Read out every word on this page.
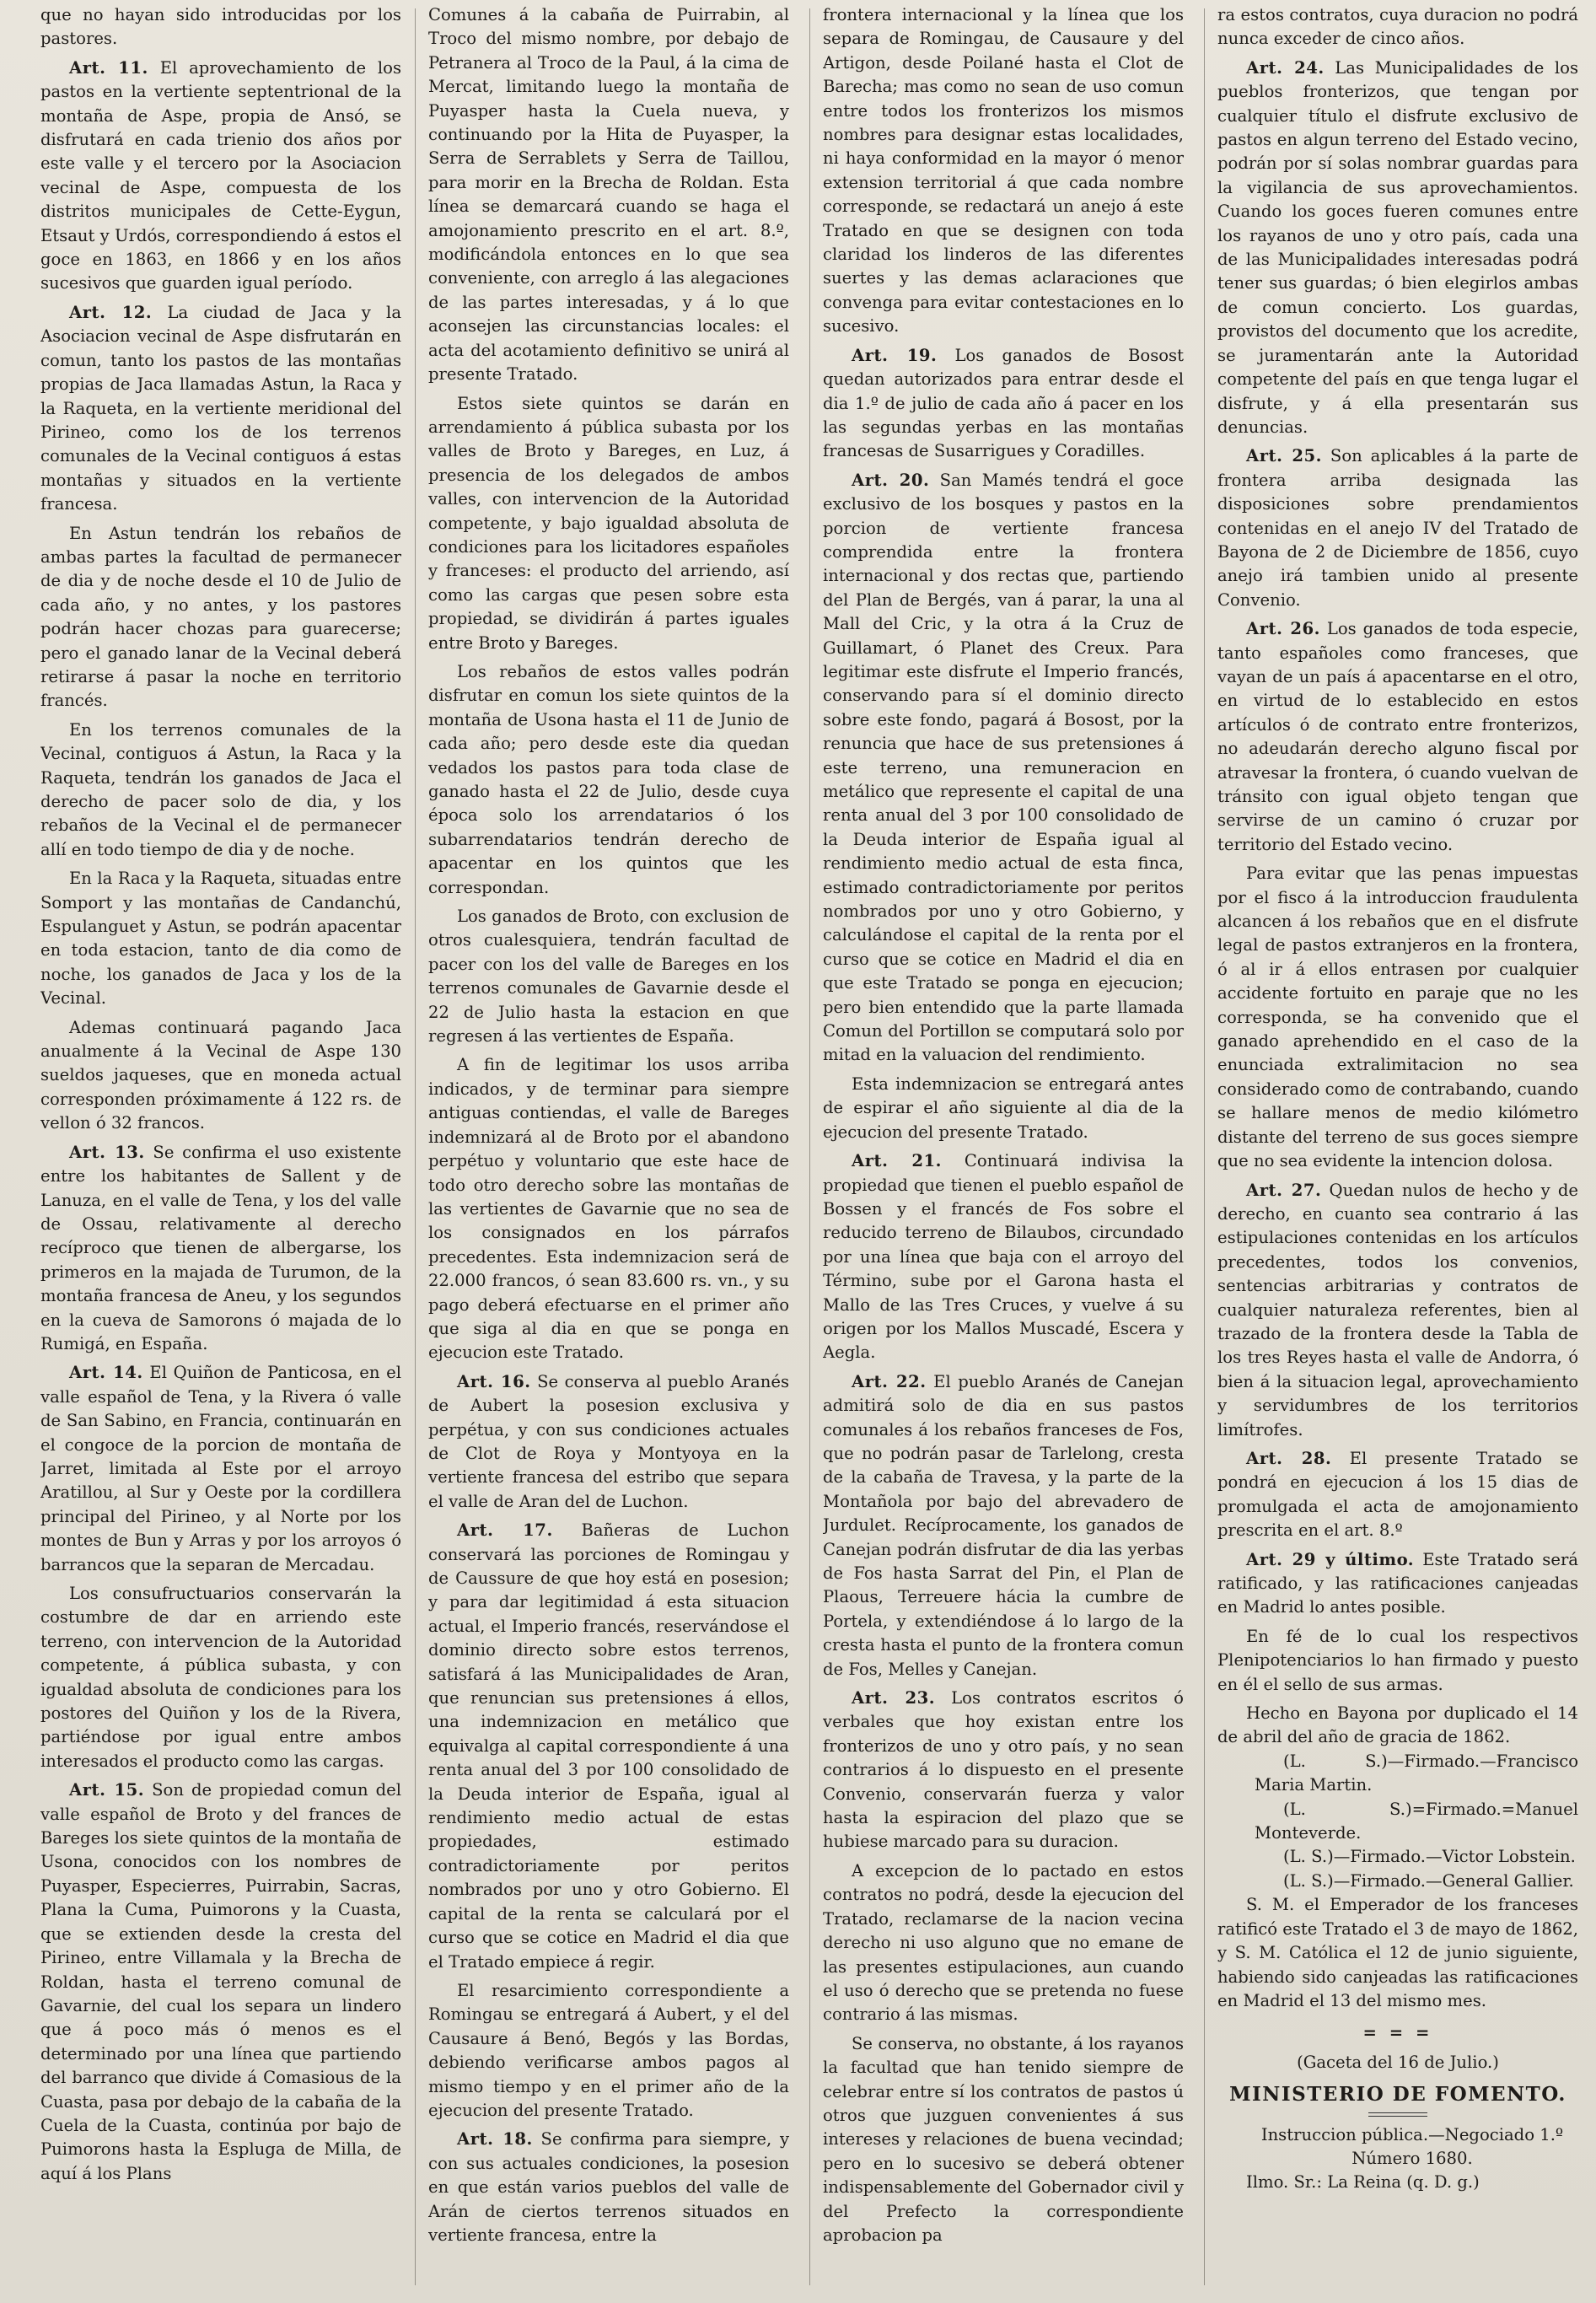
que no hayan sido introducidas por los pastores.

Art. 11. El aprovechamiento de los pastos en la vertiente septentrional de la montaña de Aspe, propia de Ansó, se disfrutará en cada trienio dos años por este valle y el tercero por la Asociacion vecinal de Aspe, compuesta de los distritos municipales de Cette-Eygun, Etsaut y Urdós, correspondiendo á estos el goce en 1863, en 1866 y en los años sucesivos que guarden igual período.

Art. 12. La ciudad de Jaca y la Asociacion vecinal de Aspe disfrutarán en comun, tanto los pastos de las montañas propias de Jaca llamadas Astun, la Raca y la Raqueta, en la vertiente meridional del Pirineo, como los de los terrenos comunales de la Vecinal contiguos á estas montañas y situados en la vertiente francesa.

En Astun tendrán los rebaños de ambas partes la facultad de permanecer de dia y de noche desde el 10 de Julio de cada año, y no antes, y los pastores podrán hacer chozas para guarecerse; pero el ganado lanar de la Vecinal deberá retirarse á pasar la noche en territorio francés.

En los terrenos comunales de la Vecinal, contiguos á Astun, la Raca y la Raqueta, tendrán los ganados de Jaca el derecho de pacer solo de dia, y los rebaños de la Vecinal el de permanecer allí en todo tiempo de dia y de noche.

En la Raca y la Raqueta, situadas entre Somport y las montañas de Candanchú, Espulanguet y Astun, se podrán apacentar en toda estacion, tanto de dia como de noche, los ganados de Jaca y los de la Vecinal.

Ademas continuará pagando Jaca anualmente á la Vecinal de Aspe 130 sueldos jaqueses, que en moneda actual corresponden próximamente á 122 rs. de vellon ó 32 francos.

Art. 13. Se confirma el uso existente entre los habitantes de Sallent y de Lanuza, en el valle de Tena, y los del valle de Ossau, relativamente al derecho recíproco que tienen de albergarse, los primeros en la majada de Turumon, de la montaña francesa de Aneu, y los segundos en la cueva de Samorons ó majada de lo Rumigá, en España.

Art. 14. El Quiñon de Panticosa, en el valle español de Tena, y la Rivera ó valle de San Sabino, en Francia, continuarán en el congoce de la porcion de montaña de Jarret, limitada al Este por el arroyo Aratillou, al Sur y Oeste por la cordillera principal del Pirineo, y al Norte por los montes de Bun y Arras y por los arroyos ó barrancos que la separan de Mercadau.

Los consufructuarios conservarán la costumbre de dar en arriendo este terreno, con intervencion de la Autoridad competente, á pública subasta, y con igualdad absoluta de condiciones para los postores del Quiñon y los de la Rivera, partiéndose por igual entre ambos interesados el producto como las cargas.

Art. 15. Son de propiedad comun del valle español de Broto y del frances de Bareges los siete quintos de la montaña de Usona, conocidos con los nombres de Puyasper, Especierres, Puirrabin, Sacras, Plana la Cuma, Puimorons y la Cuasta, que se extienden desde la cresta del Pirineo, entre Villamala y la Brecha de Roldan, hasta el terreno comunal de Gavarnie, del cual los separa un lindero que á poco más ó menos es el determinado por una línea que partiendo del barranco que divide á Comasious de la Cuasta, pasa por debajo de la cabaña de la Cuela de la Cuasta, continúa por bajo de Puimorons hasta la Espluga de Milla, de aquí á los Plans

Comunes á la cabaña de Puirrabin, al Troco del mismo nombre, por debajo de Petranera al Troco de la Paul, á la cima de Mercat, limitando luego la montaña de Puyasper hasta la Cuela nueva, y continuando por la Hita de Puyasper, la Serra de Serrablets y Serra de Taillou, para morir en la Brecha de Roldan. Esta línea se demarcará cuando se haga el amojonamiento prescrito en el art. 8.º, modificándola entonces en lo que sea conveniente, con arreglo á las alegaciones de las partes interesadas, y á lo que aconsejen las circunstancias locales: el acta del acotamiento definitivo se unirá al presente Tratado.

Estos siete quintos se darán en arrendamiento á pública subasta por los valles de Broto y Bareges, en Luz, á presencia de los delegados de ambos valles, con intervencion de la Autoridad competente, y bajo igualdad absoluta de condiciones para los licitadores españoles y franceses: el producto del arriendo, así como las cargas que pesen sobre esta propiedad, se dividirán á partes iguales entre Broto y Bareges.

Los rebaños de estos valles podrán disfrutar en comun los siete quintos de la montaña de Usona hasta el 11 de Junio de cada año; pero desde este dia quedan vedados los pastos para toda clase de ganado hasta el 22 de Julio, desde cuya época solo los arrendatarios ó los subarrendatarios tendrán derecho de apacentar en los quintos que les correspondan.

Los ganados de Broto, con exclusion de otros cualesquiera, tendrán facultad de pacer con los del valle de Bareges en los terrenos comunales de Gavarnie desde el 22 de Julio hasta la estacion en que regresen á las vertientes de España.

A fin de legitimar los usos arriba indicados, y de terminar para siempre antiguas contiendas, el valle de Bareges indemnizará al de Broto por el abandono perpétuo y voluntario que este hace de todo otro derecho sobre las montañas de las vertientes de Gavarnie que no sea de los consignados en los párrafos precedentes. Esta indemnizacion será de 22.000 francos, ó sean 83.600 rs. vn., y su pago deberá efectuarse en el primer año que siga al dia en que se ponga en ejecucion este Tratado.

Art. 16. Se conserva al pueblo Aranés de Aubert la posesion exclusiva y perpétua, y con sus condiciones actuales de Clot de Roya y Montyoya en la vertiente francesa del estribo que separa el valle de Aran del de Luchon.

Art. 17. Bañeras de Luchon conservará las porciones de Romingau y de Caussure de que hoy está en posesion; y para dar legitimidad á esta situacion actual, el Imperio francés, reservándose el dominio directo sobre estos terrenos, satisfará á las Municipalidades de Aran, que renuncian sus pretensiones á ellos, una indemnizacion en metálico que equivalga al capital correspondiente á una renta anual del 3 por 100 consolidado de la Deuda interior de España, igual al rendimiento medio actual de estas propiedades, estimado contradictoriamente por peritos nombrados por uno y otro Gobierno. El capital de la renta se calculará por el curso que se cotice en Madrid el dia que el Tratado empiece á regir.

El resarcimiento correspondiente a Romingau se entregará á Aubert, y el del Causaure á Benó, Begós y las Bordas, debiendo verificarse ambos pagos al mismo tiempo y en el primer año de la ejecucion del presente Tratado.

Art. 18. Se confirma para siempre, y con sus actuales condiciones, la posesion en que están varios pueblos del valle de Arán de ciertos terrenos situados en vertiente francesa, entre la

frontera internacional y la línea que los separa de Romingau, de Causaure y del Artigon, desde Poilané hasta el Clot de Barecha; mas como no sean de uso comun entre todos los fronterizos los mismos nombres para designar estas localidades, ni haya conformidad en la mayor ó menor extension territorial á que cada nombre corresponde, se redactará un anejo á este Tratado en que se designen con toda claridad los linderos de las diferentes suertes y las demas aclaraciones que convenga para evitar contestaciones en lo sucesivo.

Art. 19. Los ganados de Bosost quedan autorizados para entrar desde el dia 1.º de julio de cada año á pacer en los las segundas yerbas en las montañas francesas de Susarrigues y Coradilles.

Art. 20. San Mamés tendrá el goce exclusivo de los bosques y pastos en la porcion de vertiente francesa comprendida entre la frontera internacional y dos rectas que, partiendo del Plan de Bergés, van á parar, la una al Mall del Cric, y la otra á la Cruz de Guillamart, ó Planet des Creux. Para legitimar este disfrute el Imperio francés, conservando para sí el dominio directo sobre este fondo, pagará á Bosost, por la renuncia que hace de sus pretensiones á este terreno, una remuneracion en metálico que represente el capital de una renta anual del 3 por 100 consolidado de la Deuda interior de España igual al rendimiento medio actual de esta finca, estimado contradictoriamente por peritos nombrados por uno y otro Gobierno, y calculándose el capital de la renta por el curso que se cotice en Madrid el dia en que este Tratado se ponga en ejecucion; pero bien entendido que la parte llamada Comun del Portillon se computará solo por mitad en la valuacion del rendimiento.

Esta indemnizacion se entregará antes de espirar el año siguiente al dia de la ejecucion del presente Tratado.

Art. 21. Continuará indivisa la propiedad que tienen el pueblo español de Bossen y el francés de Fos sobre el reducido terreno de Bilaubos, circundado por una línea que baja con el arroyo del Término, sube por el Garona hasta el Mallo de las Tres Cruces, y vuelve á su origen por los Mallos Muscadé, Escera y Aegla.

Art. 22. El pueblo Aranés de Canejan admitirá solo de dia en sus pastos comunales á los rebaños franceses de Fos, que no podrán pasar de Tarlelong, cresta de la cabaña de Travesa, y la parte de la Montañola por bajo del abrevadero de Jurdulet. Recíprocamente, los ganados de Canejan podrán disfrutar de dia las yerbas de Fos hasta Sarrat del Pin, el Plan de Plaous, Terreuere hácia la cumbre de Portela, y extendiéndose á lo largo de la cresta hasta el punto de la frontera comun de Fos, Melles y Canejan.

Art. 23. Los contratos escritos ó verbales que hoy existan entre los fronterizos de uno y otro país, y no sean contrarios á lo dispuesto en el presente Convenio, conservarán fuerza y valor hasta la espiracion del plazo que se hubiese marcado para su duracion.

A excepcion de lo pactado en estos contratos no podrá, desde la ejecucion del Tratado, reclamarse de la nacion vecina derecho ni uso alguno que no emane de las presentes estipulaciones, aun cuando el uso ó derecho que se pretenda no fuese contrario á las mismas.

Se conserva, no obstante, á los rayanos la facultad que han tenido siempre de celebrar entre sí los contratos de pastos ú otros que juzguen convenientes á sus intereses y relaciones de buena vecindad; pero en lo sucesivo se deberá obtener indispensablemente del Gobernador civil y del Prefecto la correspondiente aprobacion pa

ra estos contratos, cuya duracion no podrá nunca exceder de cinco años.

Art. 24. Las Municipalidades de los pueblos fronterizos, que tengan por cualquier título el disfrute exclusivo de pastos en algun terreno del Estado vecino, podrán por sí solas nombrar guardas para la vigilancia de sus aprovechamientos. Cuando los goces fueren comunes entre los rayanos de uno y otro país, cada una de las Municipalidades interesadas podrá tener sus guardas; ó bien elegirlos ambas de comun concierto. Los guardas, provistos del documento que los acredite, se juramentarán ante la Autoridad competente del país en que tenga lugar el disfrute, y á ella presentarán sus denuncias.

Art. 25. Son aplicables á la parte de frontera arriba designada las disposiciones sobre prendamientos contenidas en el anejo IV del Tratado de Bayona de 2 de Diciembre de 1856, cuyo anejo irá tambien unido al presente Convenio.

Art. 26. Los ganados de toda especie, tanto españoles como franceses, que vayan de un país á apacentarse en el otro, en virtud de lo establecido en estos artículos ó de contrato entre fronterizos, no adeudarán derecho alguno fiscal por atravesar la frontera, ó cuando vuelvan de tránsito con igual objeto tengan que servirse de un camino ó cruzar por territorio del Estado vecino.

Para evitar que las penas impuestas por el fisco á la introduccion fraudulenta alcancen á los rebaños que en el disfrute legal de pastos extranjeros en la frontera, ó al ir á ellos entrasen por cualquier accidente fortuito en paraje que no les corresponda, se ha convenido que el ganado aprehendido en el caso de la enunciada extralimitacion no sea considerado como de contrabando, cuando se hallare menos de medio kilómetro distante del terreno de sus goces siempre que no sea evidente la intencion dolosa.

Art. 27. Quedan nulos de hecho y de derecho, en cuanto sea contrario á las estipulaciones contenidas en los artículos precedentes, todos los convenios, sentencias arbitrarias y contratos de cualquier naturaleza referentes, bien al trazado de la frontera desde la Tabla de los tres Reyes hasta el valle de Andorra, ó bien á la situacion legal, aprovechamiento y servidumbres de los territorios limítrofes.

Art. 28. El presente Tratado se pondrá en ejecucion á los 15 dias de promulgada el acta de amojonamiento prescrita en el art. 8.º

Art. 29 y último. Este Tratado será ratificado, y las ratificaciones canjeadas en Madrid lo antes posible.

En fé de lo cual los respectivos Plenipotenciarios lo han firmado y puesto en él el sello de sus armas.

Hecho en Bayona por duplicado el 14 de abril del año de gracia de 1862.

(L. S.)—Firmado.—Francisco Maria Martin.

(L. S.)=Firmado.=Manuel Monteverde.

(L. S.)—Firmado.—Victor Lobstein.

(L. S.)—Firmado.—General Gallier.

S. M. el Emperador de los franceses ratificó este Tratado el 3 de mayo de 1862, y S. M. Católica el 12 de junio siguiente, habiendo sido canjeadas las ratificaciones en Madrid el 13 del mismo mes.

= = =
(Gaceta del 16 de Julio.)
MINISTERIO DE FOMENTO.

Instruccion pública.—Negociado 1.º

Número 1680.

Ilmo. Sr.: La Reina (q. D. g.)
